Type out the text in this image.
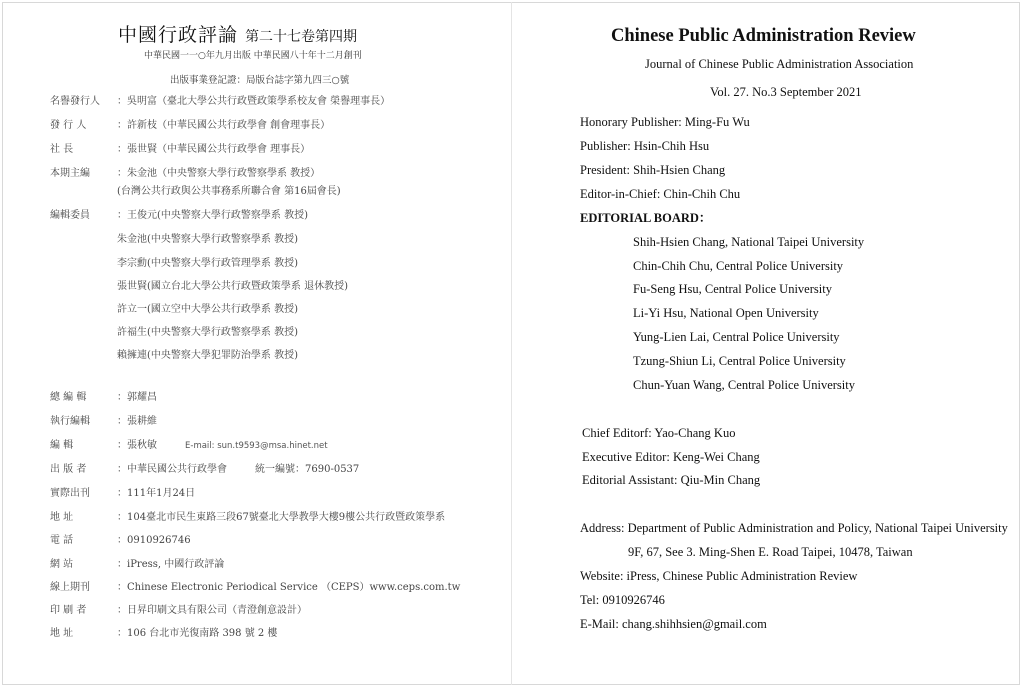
中國行政評論 第二十七卷第四期
中華民國一一○年九月出版 中華民國八十年十二月創刊
出版事業登記證：局版台誌字第九四三○號
名譽發行人 ：吳明富（臺北大學公共行政暨政策學系校友會 榮譽理事長）
發 行 人	：許新枝（中華民國公共行政學會 創會理事長）
社 長	：張世賢（中華民國公共行政學會 理事長）
本期主編	：朱金池（中央警察大學行政警察學系 教授）
(台灣公共行政與公共事務系所聯合會 第16屆會長)
編輯委員	：王俊元(中央警察大學行政警察學系 教授)
朱金池(中央警察大學行政警察學系 教授)
李宗勳(中央警察大學行政管理學系 教授)
張世賢(國立台北大學公共行政暨政策學系 退休教授)
許立一(國立空中大學公共行政學系 教授)
許福生(中央警察大學行政警察學系 教授)
賴擁連(中央警察大學犯罪防治學系 教授)
總 編 輯	：郭耀昌
執行編輯	：張耕維
編 輯	：張秋敏	E-mail: sun.t9593@msa.hinet.net
出 版 者	：中華民國公共行政學會	統一編號：7690-0537
實際出刊	：111年1月24日
地 址	：104臺北市民生東路三段67號臺北大學教學大樓9樓公共行政暨政策學系
電 話	：0910926746
網 站	：iPress, 中國行政評論
線上期刊	：Chinese Electronic Periodical Service （CEPS）www.ceps.com.tw
印 刷 者	：日昇印刷文具有限公司（青澄創意設計）
地 址	：106 台北市光復南路 398 號 2 樓
Chinese Public Administration Review
Journal of Chinese Public Administration Association
Vol. 27. No.3 September 2021
Honorary Publisher: Ming-Fu Wu
Publisher: Hsin-Chih Hsu
President: Shih-Hsien Chang
Editor-in-Chief: Chin-Chih Chu
EDITORIAL BOARD：
Shih-Hsien Chang, National Taipei University
Chin-Chih Chu, Central Police University
Fu-Seng Hsu, Central Police University
Li-Yi Hsu, National Open University
Yung-Lien Lai, Central Police University
Tzung-Shiun Li, Central Police University
Chun-Yuan Wang, Central Police University
Chief Editorf: Yao-Chang Kuo
Executive Editor: Keng-Wei Chang
Editorial Assistant: Qiu-Min Chang
Address: Department of Public Administration and Policy, National Taipei University
9F, 67, See 3. Ming-Shen E. Road Taipei, 10478, Taiwan
Website: iPress, Chinese Public Administration Review
Tel: 0910926746
E-Mail: chang.shihhsien@gmail.com
